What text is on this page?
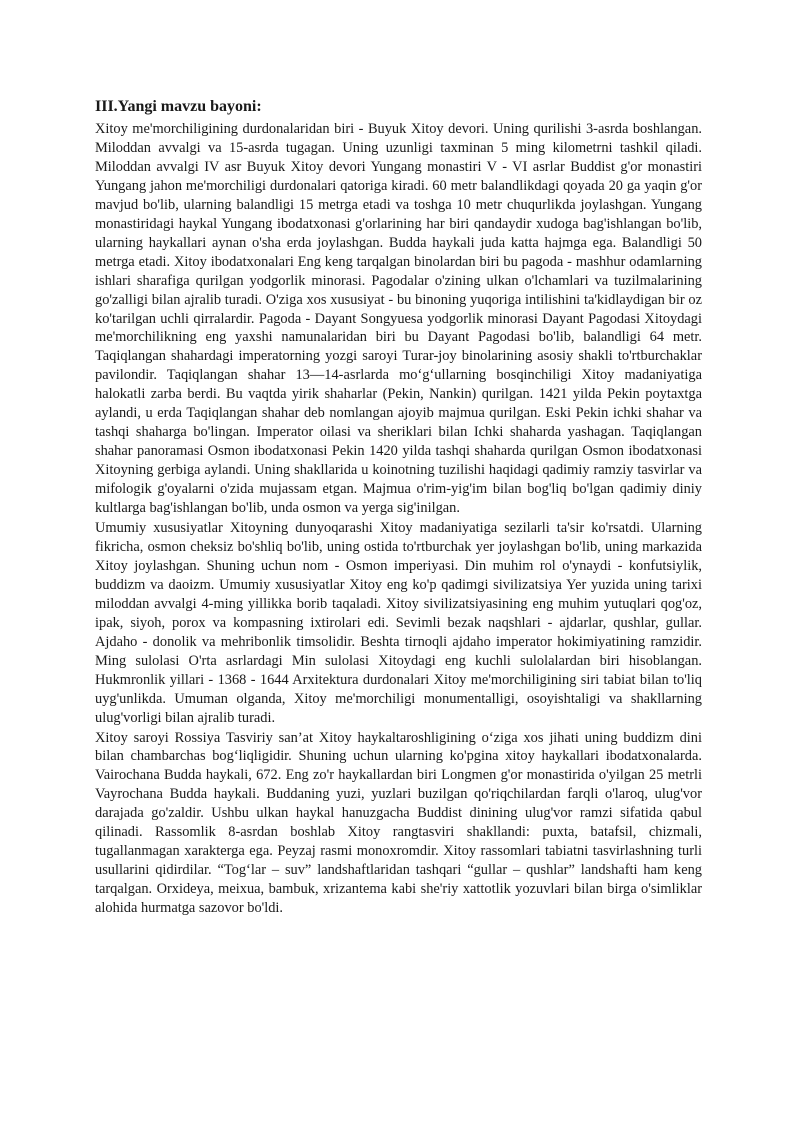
III.Yangi mavzu bayoni:

Xitoy me'morchiligining durdonalaridan biri - Buyuk Xitoy devori. Uning qurilishi 3-asrda boshlangan. Miloddan avvalgi va 15-asrda tugagan. Uning uzunligi taxminan 5 ming kilometrni tashkil qiladi. Miloddan avvalgi IV asr Buyuk Xitoy devori Yungang monastiri V - VI asrlar Buddist g'or monastiri Yungang jahon me'morchiligi durdonalari qatoriga kiradi. 60 metr balandlikdagi qoyada 20 ga yaqin g'or mavjud bo'lib, ularning balandligi 15 metrga etadi va toshga 10 metr chuqurlikda joylashgan. Yungang monastiridagi haykal Yungang ibodatxonasi g'orlarining har biri qandaydir xudoga bag'ishlangan bo'lib, ularning haykallari aynan o'sha erda joylashgan. Budda haykali juda katta hajmga ega. Balandligi 50 metrga etadi. Xitoy ibodatxonalari Eng keng tarqalgan binolardan biri bu pagoda - mashhur odamlarning ishlari sharafiga qurilgan yodgorlik minorasi. Pagodalar o'zining ulkan o'lchamlari va tuzilmalarining go'zalligi bilan ajralib turadi. O'ziga xos xususiyat - bu binoning yuqoriga intilishini ta'kidlaydigan bir oz ko'tarilgan uchli qirralardir. Pagoda - Dayant Songyuesa yodgorlik minorasi Dayant Pagodasi Xitoydagi me'morchilikning eng yaxshi namunalaridan biri bu Dayant Pagodasi bo'lib, balandligi 64 metr. Taqiqlangan shahardagi imperatorning yozgi saroyi Turar-joy binolarining asosiy shakli to'rtburchaklar pavilondir. Taqiqlangan shahar 13—14-asrlarda mo‘g‘ullarning bosqinchiligi Xitoy madaniyatiga halokatli zarba berdi. Bu vaqtda yirik shaharlar (Pekin, Nankin) qurilgan. 1421 yilda Pekin poytaxtga aylandi, u erda Taqiqlangan shahar deb nomlangan ajoyib majmua qurilgan. Eski Pekin ichki shahar va tashqi shaharga bo'lingan. Imperator oilasi va sheriklari bilan Ichki shaharda yashagan. Taqiqlangan shahar panoramasi Osmon ibodatxonasi Pekin 1420 yilda tashqi shaharda qurilgan Osmon ibodatxonasi Xitoyning gerbiga aylandi. Uning shakllarida u koinotning tuzilishi haqidagi qadimiy ramziy tasvirlar va mifologik g'oyalarni o'zida mujassam etgan. Majmua o'rim-yig'im bilan bog'liq bo'lgan qadimiy diniy kultlarga bag'ishlangan bo'lib, unda osmon va yerga sig'inilgan.

Umumiy xususiyatlar Xitoyning dunyoqarashi Xitoy madaniyatiga sezilarli ta'sir ko'rsatdi. Ularning fikricha, osmon cheksiz bo'shliq bo'lib, uning ostida to'rtburchak yer joylashgan bo'lib, uning markazida Xitoy joylashgan. Shuning uchun nom - Osmon imperiyasi. Din muhim rol o'ynaydi - konfutsiylik, buddizm va daoizm. Umumiy xususiyatlar Xitoy eng ko'p qadimgi sivilizatsiya Yer yuzida uning tarixi miloddan avvalgi 4-ming yillikka borib taqaladi. Xitoy sivilizatsiyasining eng muhim yutuqlari qog'oz, ipak, siyoh, porox va kompasning ixtirolari edi. Sevimli bezak naqshlari - ajdarlar, qushlar, gullar. Ajdaho - donolik va mehribonlik timsolidir. Beshta tirnoqli ajdaho imperator hokimiyatining ramzidir. Ming sulolasi O'rta asrlardagi Min sulolasi Xitoydagi eng kuchli sulolalardan biri hisoblangan. Hukmronlik yillari - 1368 - 1644 Arxitektura durdonalari Xitoy me'morchiligining siri tabiat bilan to'liq uyg'unlikda. Umuman olganda, Xitoy me'morchiligi monumentalligi, osoyishtaligi va shakllarning ulug'vorligi bilan ajralib turadi.

Xitoy saroyi Rossiya Tasviriy san’at Xitoy haykaltaroshligining o‘ziga xos jihati uning buddizm dini bilan chambarchas bog‘liqligidir. Shuning uchun ularning ko'pgina xitoy haykallari ibodatxonalarda. Vairochana Budda haykali, 672. Eng zo'r haykallardan biri Longmen g'or monastirida o'yilgan 25 metrli Vayrochana Budda haykali. Buddaning yuzi, yuzlari buzilgan qo'riqchilardan farqli o'laroq, ulug'vor darajada go'zaldir. Ushbu ulkan haykal hanuzgacha Buddist dinining ulug'vor ramzi sifatida qabul qilinadi. Rassomlik 8-asrdan boshlab Xitoy rangtasviri shakllandi: puxta, batafsil, chizmali, tugallanmagan xarakterga ega. Peyzaj rasmi monoxromdir. Xitoy rassomlari tabiatni tasvirlashning turli usullarini qidirdilar. “Tog‘lar – suv” landshaftlaridan tashqari “gullar – qushlar” landshafti ham keng tarqalgan. Orxideya, meixua, bambuk, xrizantema kabi she'riy xattotlik yozuvlari bilan birga o'simliklar alohida hurmatga sazovor bo'ldi.
